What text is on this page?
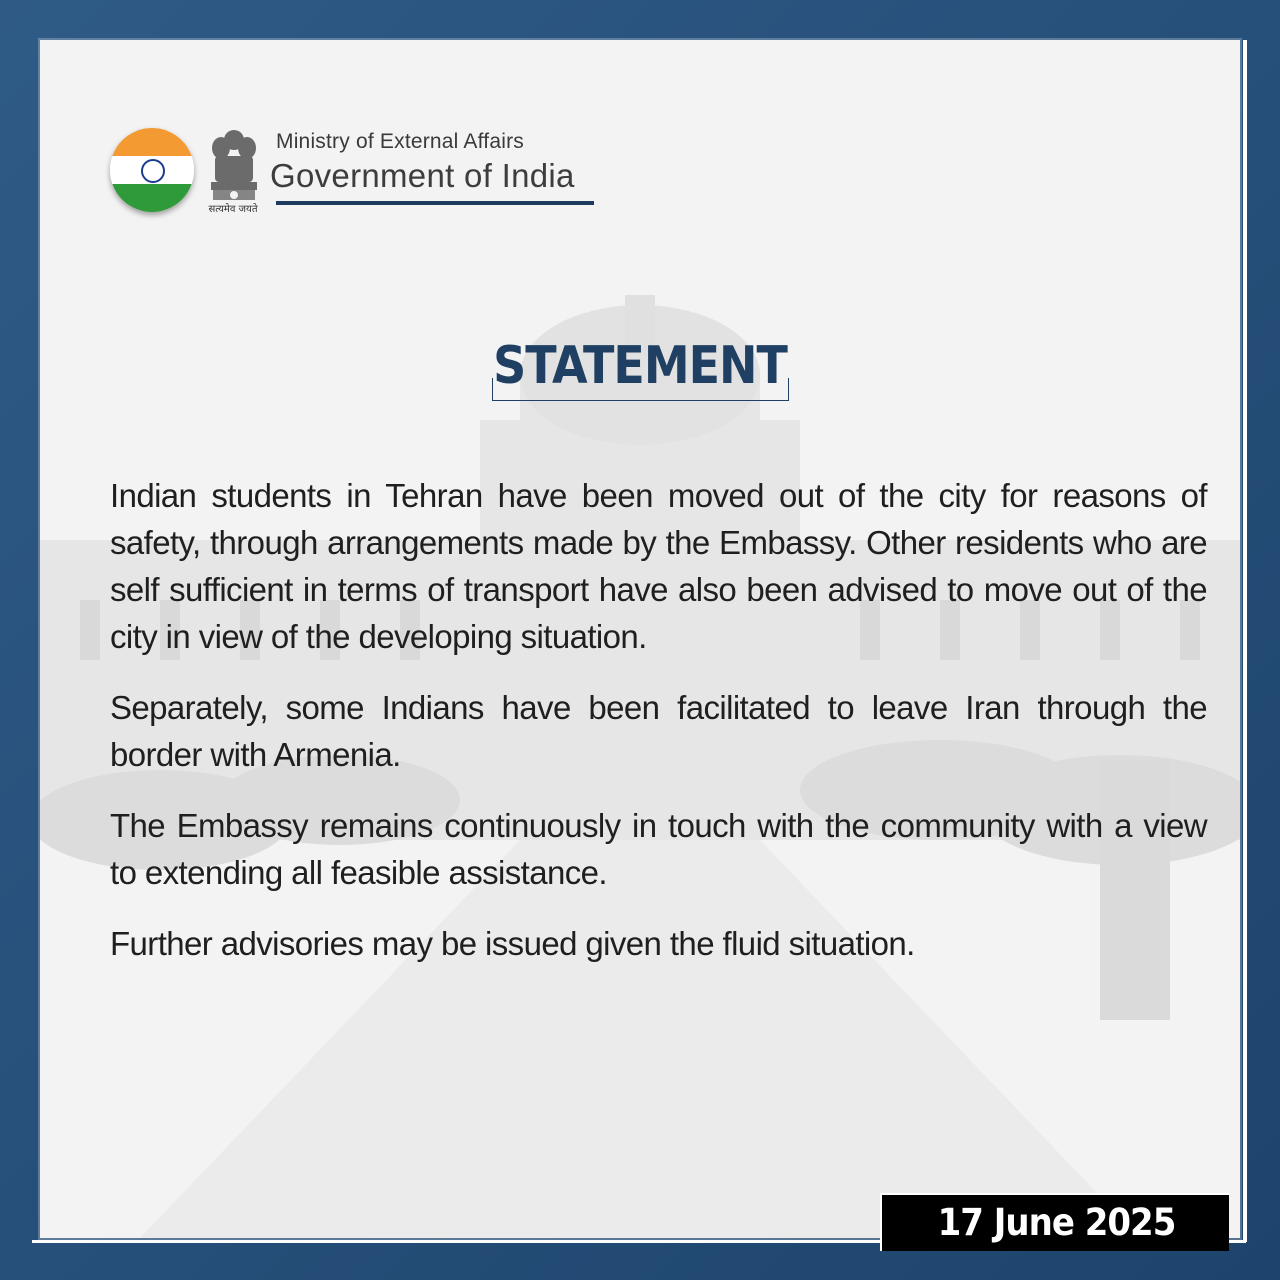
सत्यमेव जयते
Ministry of External Affairs
Government of India
STATEMENT

Indian students in Tehran have been moved out of the city for reasons of safety, through arrangements made by the Embassy. Other residents who are self sufficient in terms of transport have also been advised to move out of the city in view of the developing situation.

Separately, some Indians have been facilitated to leave Iran through the border with Armenia.

The Embassy remains continuously in touch with the community with a view to extending all feasible assistance.

Further advisories may be issued given the fluid situation.

17 June 2025
